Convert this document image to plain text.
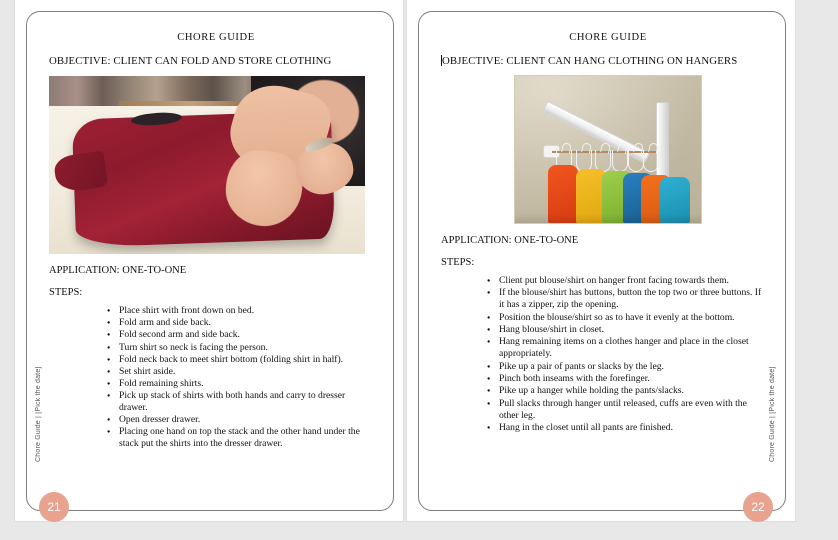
CHORE GUIDE
OBJECTIVE: CLIENT CAN FOLD AND STORE CLOTHING
APPLICATION: ONE-TO-ONE
STEPS:
● Place shirt with front down on bed.
● Fold arm and side back.
● Fold second arm and side back.
● Turn shirt so neck is facing the person.
● Fold neck back to meet shirt bottom (folding shirt in half).
● Set shirt aside.
● Fold remaining shirts.
● Pick up stack of shirts with both hands and carry to dresser drawer.
● Open dresser drawer.
● Placing one hand on top the stack and the other hand under the stack put the shirts into the dresser drawer.
Chore Guide | [Pick the date]
21
CHORE GUIDE
OBJECTIVE: CLIENT CAN HANG CLOTHING ON HANGERS
APPLICATION: ONE-TO-ONE
STEPS:
● Client put blouse/shirt on hanger front facing towards them.
● If the blouse/shirt has buttons, button the top two or three buttons. If it has a zipper, zip the opening.
● Position the blouse/shirt so as to have it evenly at the bottom.
● Hang blouse/shirt in closet.
● Hang remaining items on a clothes hanger and place in the closet appropriately.
● Pike up a pair of pants or slacks by the leg.
● Pinch both inseams with the forefinger.
● Pike up a hanger while holding the pants/slacks.
● Pull slacks through hanger until released, cuffs are even with the other leg.
● Hang in the closet until all pants are finished.	Chore Guide | [Pick the date]
22
